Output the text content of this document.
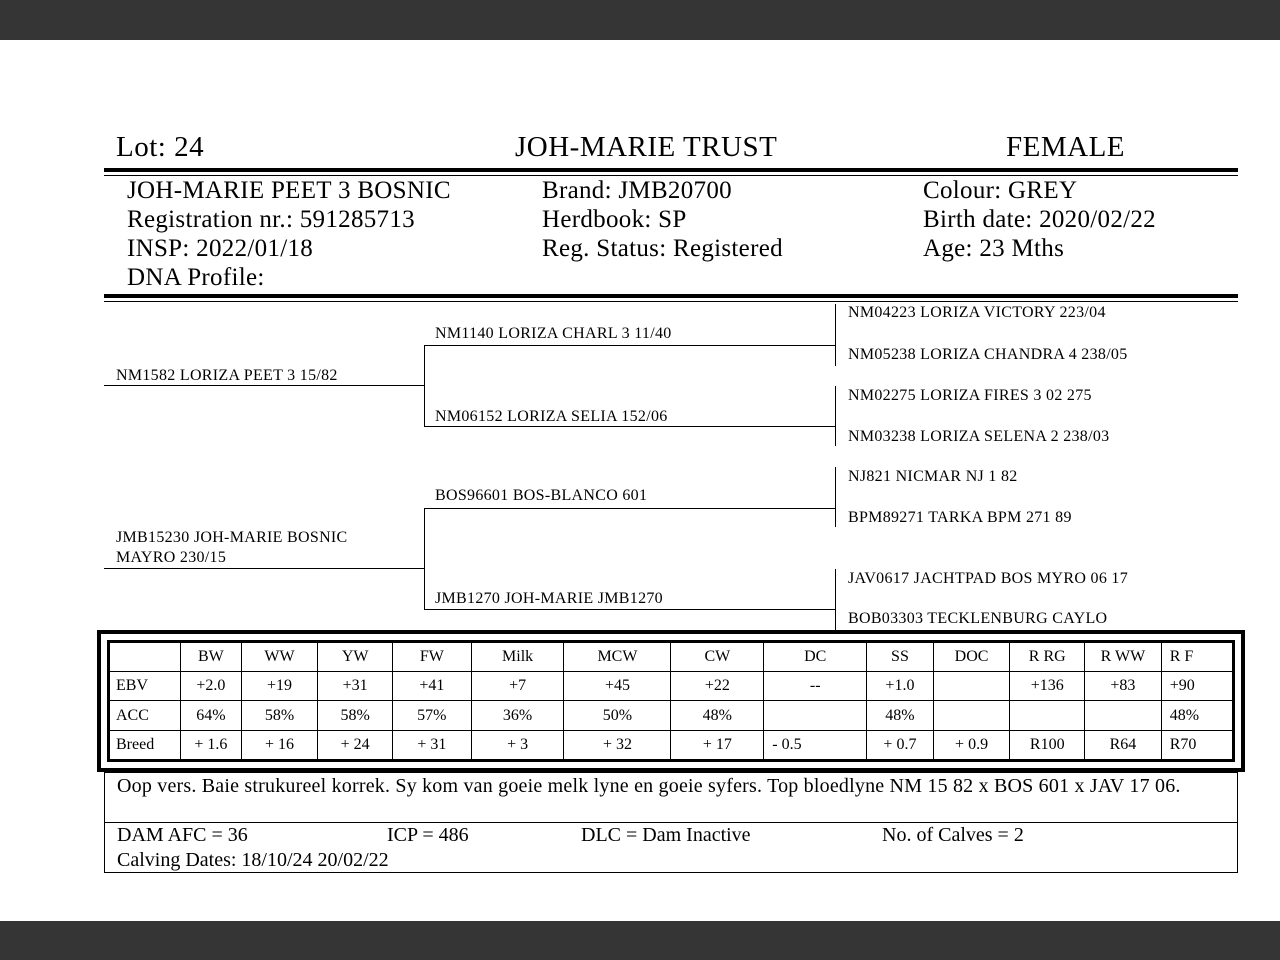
Lot: 24	JOH-MARIE TRUST	FEMALE
JOH-MARIE PEET 3 BOSNIC
Registration nr.: 591285713
INSP: 2022/01/18
DNA Profile:
Brand: JMB20700
Herdbook: SP
Reg. Status: Registered
Colour: GREY
Birth date: 2020/02/22
Age: 23 Mths
NM1582 LORIZA PEET 3 15/82
JMB15230 JOH-MARIE BOSNIC
MAYRO 230/15
NM1140 LORIZA CHARL 3 11/40
NM06152 LORIZA SELIA 152/06
BOS96601 BOS-BLANCO 601
JMB1270 JOH-MARIE JMB1270
NM04223 LORIZA VICTORY 223/04
NM05238 LORIZA CHANDRA 4 238/05
NM02275 LORIZA FIRES 3 02 275
NM03238 LORIZA SELENA 2 238/03
NJ821 NICMAR NJ 1 82
BPM89271 TARKA BPM 271 89
JAV0617 JACHTPAD BOS MYRO 06 17
BOB03303 TECKLENBURG CAYLO
	BW	WW	YW	FW	Milk	MCW	CW	DC	SS	DOC	R RG	R WW	R F
EBV	+2.0	+19	+31	+41	+7	+45	+22	--	+1.0		+136	+83	+90
ACC	64%	58%	58%	57%	36%	50%	48%		48%				48%
Breed	+ 1.6	+ 16	+ 24	+ 31	+ 3	+ 32	+ 17	- 0.5	+ 0.7	+ 0.9	R100	R64	R70
Oop vers. Baie strukureel korrek. Sy kom van goeie melk lyne en goeie syfers. Top bloedlyne NM 15 82 x BOS 601 x JAV 17 06.
DAM AFC = 36	ICP = 486	DLC = Dam Inactive	No. of Calves = 2
Calving Dates: 18/10/24 20/02/22
